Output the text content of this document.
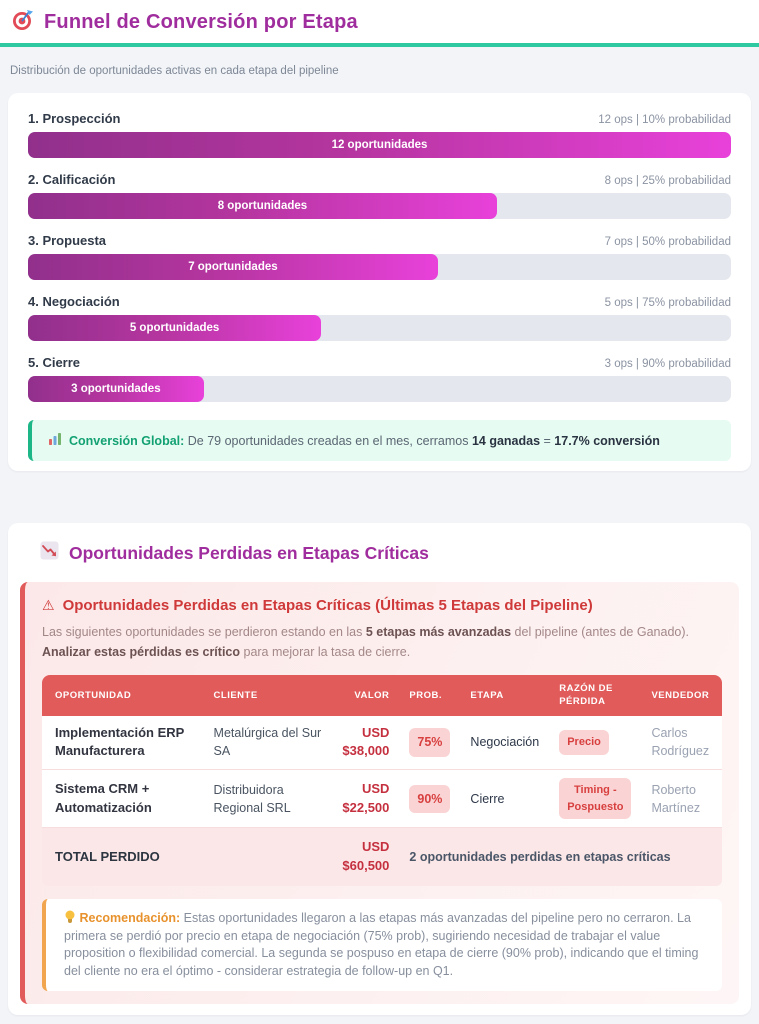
Funnel de Conversión por Etapa
Distribución de oportunidades activas en cada etapa del pipeline
1. Prospección	12 ops | 10% probabilidad
12 oportunidades
2. Calificación	8 ops | 25% probabilidad
8 oportunidades
3. Propuesta	7 ops | 50% probabilidad
7 oportunidades
4. Negociación	5 ops | 75% probabilidad
5 oportunidades
5. Cierre	3 ops | 90% probabilidad
3 oportunidades
Conversión Global: De 79 oportunidades creadas en el mes, cerramos 14 ganadas = 17.7% conversión
Oportunidades Perdidas en Etapas Críticas
⚠ Oportunidades Perdidas en Etapas Críticas (Últimas 5 Etapas del Pipeline)

Las siguientes oportunidades se perdieron estando en las 5 etapas más avanzadas del pipeline (antes de Ganado). Analizar estas pérdidas es crítico para mejorar la tasa de cierre.

OPORTUNIDAD	CLIENTE	VALOR	PROB.	ETAPA	RAZÓN DE PÉRDIDA	VENDEDOR
Implementación ERP Manufacturera	Metalúrgica del Sur SA	USD
$38,000	75%	Negociación	Precio	Carlos Rodríguez
Sistema CRM + Automatización	Distribuidora Regional SRL	USD
$22,500	90%	Cierre	Timing - Pospuesto	Roberto Martínez
TOTAL PERDIDO		USD
$60,500	2 oportunidades perdidas en etapas críticas			
Recomendación: Estas oportunidades llegaron a las etapas más avanzadas del pipeline pero no cerraron. La primera se perdió por precio en etapa de negociación (75% prob), sugiriendo necesidad de trabajar el value proposition o flexibilidad comercial. La segunda se pospuso en etapa de cierre (90% prob), indicando que el timing del cliente no era el óptimo - considerar estrategia de follow-up en Q1.
